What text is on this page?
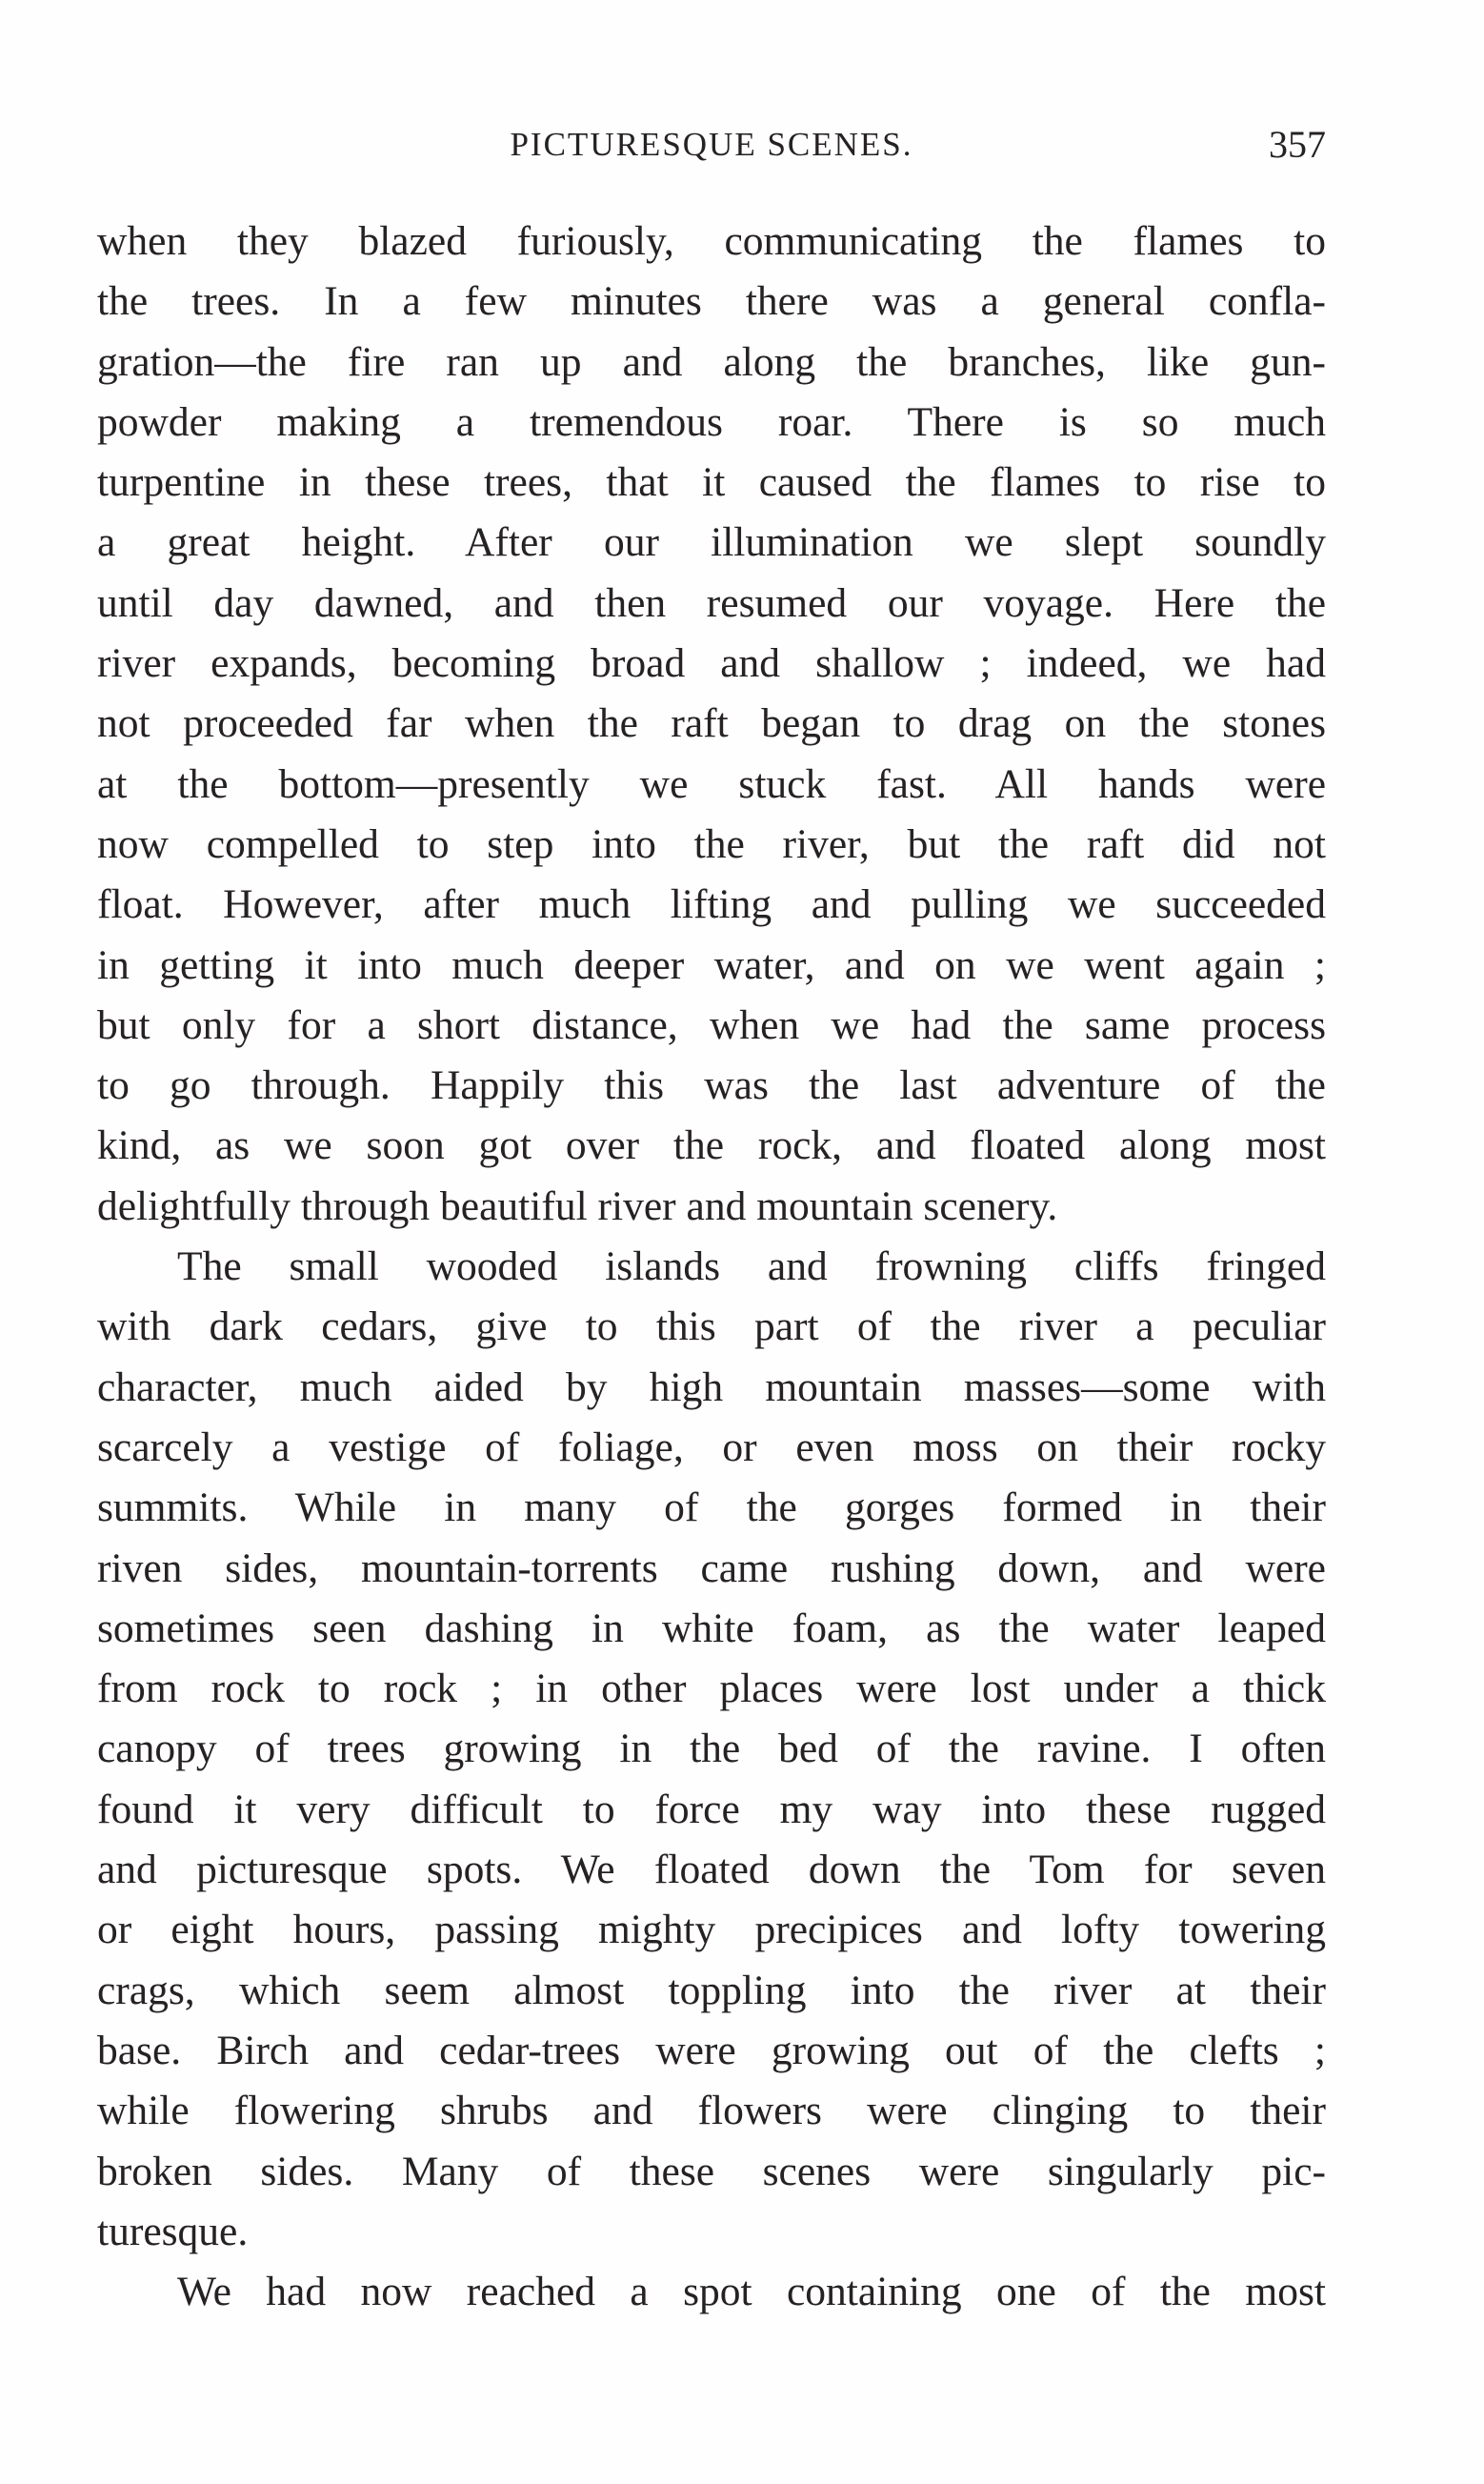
PICTURESQUE SCENES.	357
when they blazed furiously, communicating the flames to
the trees. In a few minutes there was a general confla-
gration—the fire ran up and along the branches, like gun-
powder making a tremendous roar. There is so much
turpentine in these trees, that it caused the flames to rise to
a great height. After our illumination we slept soundly
until day dawned, and then resumed our voyage. Here the
river expands, becoming broad and shallow ; indeed, we had
not proceeded far when the raft began to drag on the stones
at the bottom—presently we stuck fast. All hands were
now compelled to step into the river, but the raft did not
float. However, after much lifting and pulling we succeeded
in getting it into much deeper water, and on we went again ;
but only for a short distance, when we had the same process
to go through. Happily this was the last adventure of the
kind, as we soon got over the rock, and floated along most
delightfully through beautiful river and mountain scenery.
The small wooded islands and frowning cliffs fringed
with dark cedars, give to this part of the river a peculiar
character, much aided by high mountain masses—some with
scarcely a vestige of foliage, or even moss on their rocky
summits. While in many of the gorges formed in their
riven sides, mountain-torrents came rushing down, and were
sometimes seen dashing in white foam, as the water leaped
from rock to rock ; in other places were lost under a thick
canopy of trees growing in the bed of the ravine. I often
found it very difficult to force my way into these rugged
and picturesque spots. We floated down the Tom for seven
or eight hours, passing mighty precipices and lofty towering
crags, which seem almost toppling into the river at their
base. Birch and cedar-trees were growing out of the clefts ;
while flowering shrubs and flowers were clinging to their
broken sides. Many of these scenes were singularly pic-
turesque.
We had now reached a spot containing one of the most
